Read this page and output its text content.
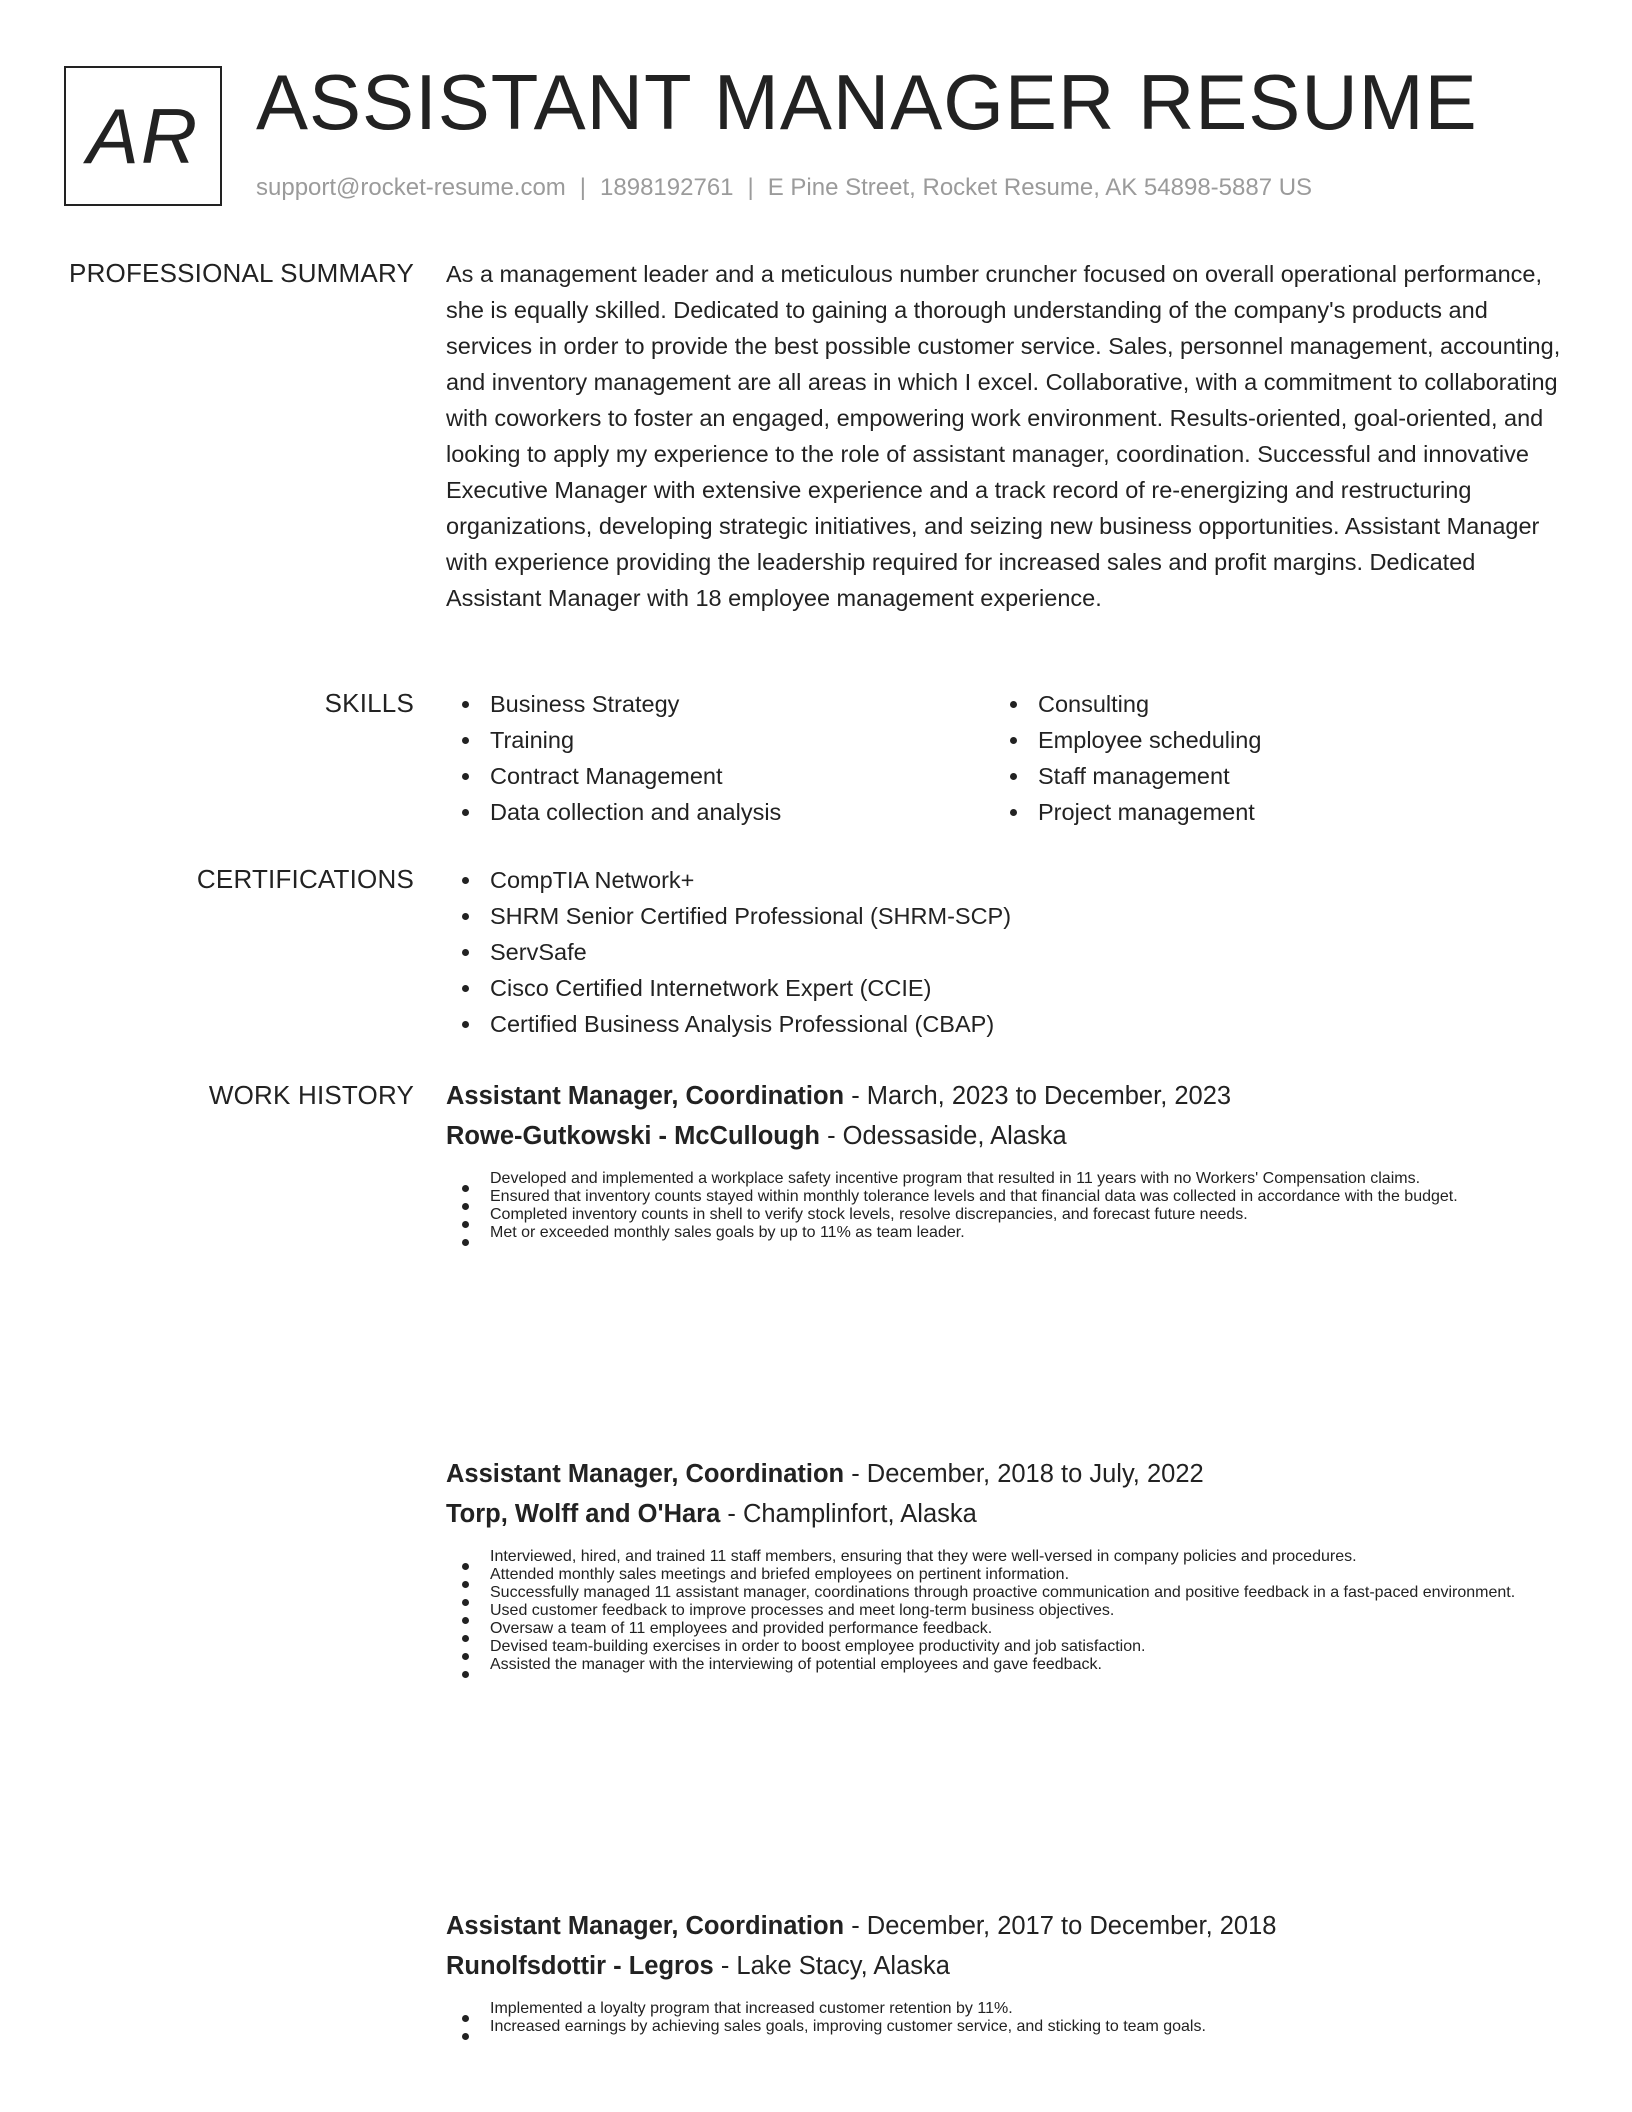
AR ASSISTANT MANAGER RESUME
support@rocket-resume.com | 1898192761 | E Pine Street, Rocket Resume, AK 54898-5887 US
PROFESSIONAL SUMMARY As a management leader and a meticulous number cruncher focused on overall operational performance, she is equally skilled. Dedicated to gaining a thorough understanding of the company's products and services in order to provide the best possible customer service. Sales, personnel management, accounting, and inventory management are all areas in which I excel. Collaborative, with a commitment to collaborating with coworkers to foster an engaged, empowering work environment. Results-oriented, goal-oriented, and looking to apply my experience to the role of assistant manager, coordination. Successful and innovative Executive Manager with extensive experience and a track record of re-energizing and restructuring organizations, developing strategic initiatives, and seizing new business opportunities. Assistant Manager with experience providing the leadership required for increased sales and profit margins. Dedicated Assistant Manager with 18 employee management experience.
SKILLS	Business Strategy
Training
Contract Management
Data collection and analysis
Consulting
Employee scheduling
Staff management
Project management
CERTIFICATIONS	CompTIA Network+
SHRM Senior Certified Professional (SHRM-SCP)
ServSafe
Cisco Certified Internetwork Expert (CCIE)
Certified Business Analysis Professional (CBAP)
WORK HISTORY Assistant Manager, Coordination - March, 2023 to December, 2023
Rowe-Gutkowski - McCullough - Odessaside, Alaska
Developed and implemented a workplace safety incentive program that resulted in 11 years with no Workers' Compensation claims.
Ensured that inventory counts stayed within monthly tolerance levels and that financial data was collected in accordance with the budget.
Completed inventory counts in shell to verify stock levels, resolve discrepancies, and forecast future needs.
Met or exceeded monthly sales goals by up to 11% as team leader.
Assistant Manager, Coordination - December, 2018 to July, 2022
Torp, Wolff and O'Hara - Champlinfort, Alaska
Interviewed, hired, and trained 11 staff members, ensuring that they were well-versed in company policies and procedures.
Attended monthly sales meetings and briefed employees on pertinent information.
Successfully managed 11 assistant manager, coordinations through proactive communication and positive feedback in a fast-paced environment.
Used customer feedback to improve processes and meet long-term business objectives.
Oversaw a team of 11 employees and provided performance feedback.
Devised team-building exercises in order to boost employee productivity and job satisfaction.
Assisted the manager with the interviewing of potential employees and gave feedback.
Assistant Manager, Coordination - December, 2017 to December, 2018
Runolfsdottir - Legros - Lake Stacy, Alaska
Implemented a loyalty program that increased customer retention by 11%.
Increased earnings by achieving sales goals, improving customer service, and sticking to team goals.
